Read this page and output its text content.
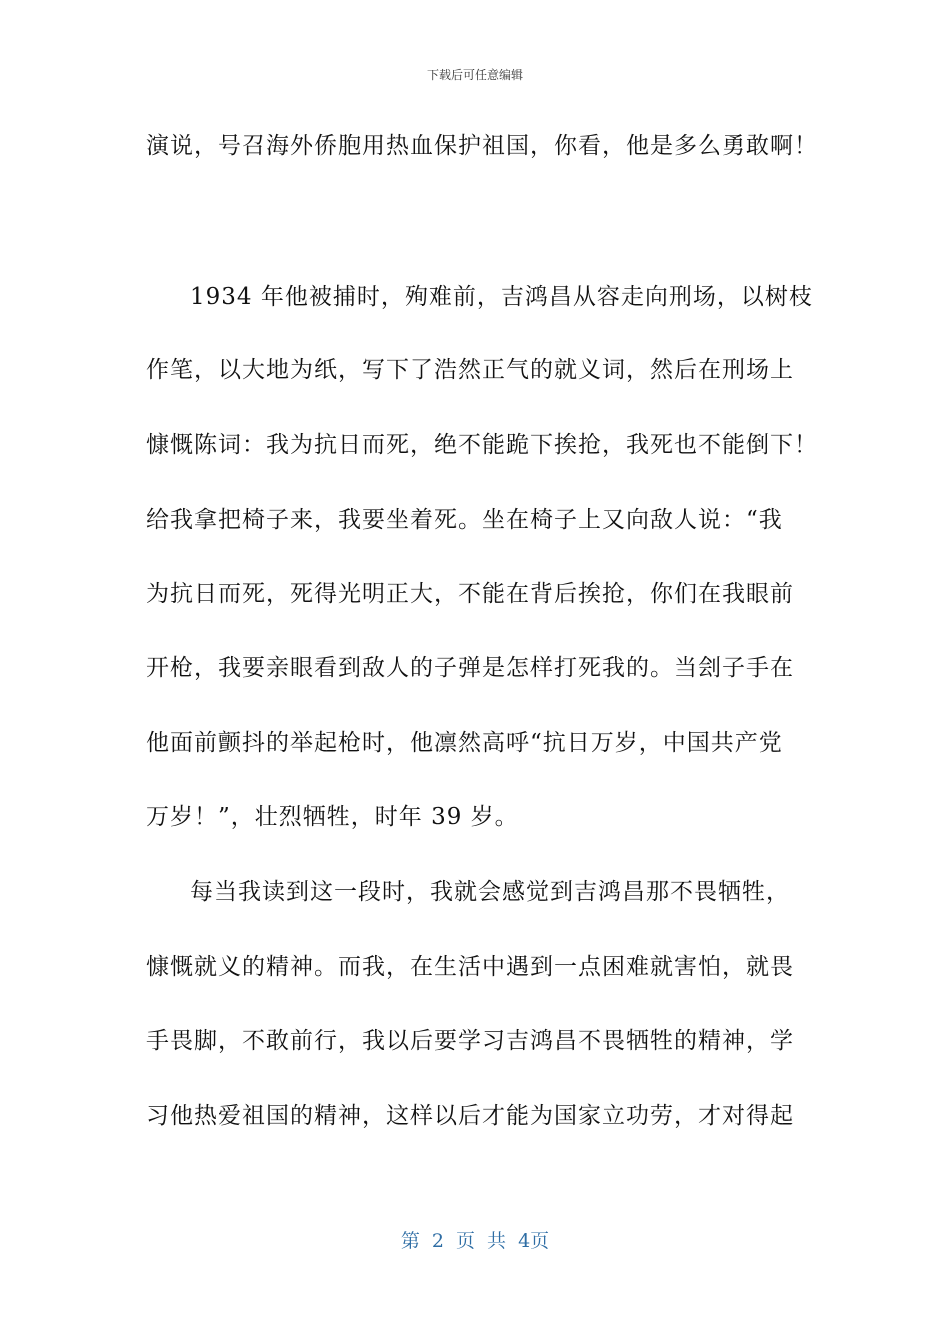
下载后可任意编辑
演说，号召海外侨胞用热血保护祖国，你看，他是多么勇敢啊！
1934 年他被捕时，殉难前，吉鸿昌从容走向刑场，以树枝
作笔，以大地为纸，写下了浩然正气的就义词，然后在刑场上
慷慨陈词：我为抗日而死，绝不能跪下挨抢，我死也不能倒下！
给我拿把椅子来，我要坐着死。坐在椅子上又向敌人说：“我
为抗日而死，死得光明正大，不能在背后挨抢，你们在我眼前
开枪，我要亲眼看到敌人的子弹是怎样打死我的。当刽子手在
他面前颤抖的举起枪时，他凛然高呼“抗日万岁，中国共产党
万岁！”，壮烈牺牲，时年 39 岁。
每当我读到这一段时，我就会感觉到吉鸿昌那不畏牺牲，
慷慨就义的精神。而我，在生活中遇到一点困难就害怕，就畏
手畏脚，不敢前行，我以后要学习吉鸿昌不畏牺牲的精神，学
习他热爱祖国的精神，这样以后才能为国家立功劳，才对得起
第 2 页 共 4页
